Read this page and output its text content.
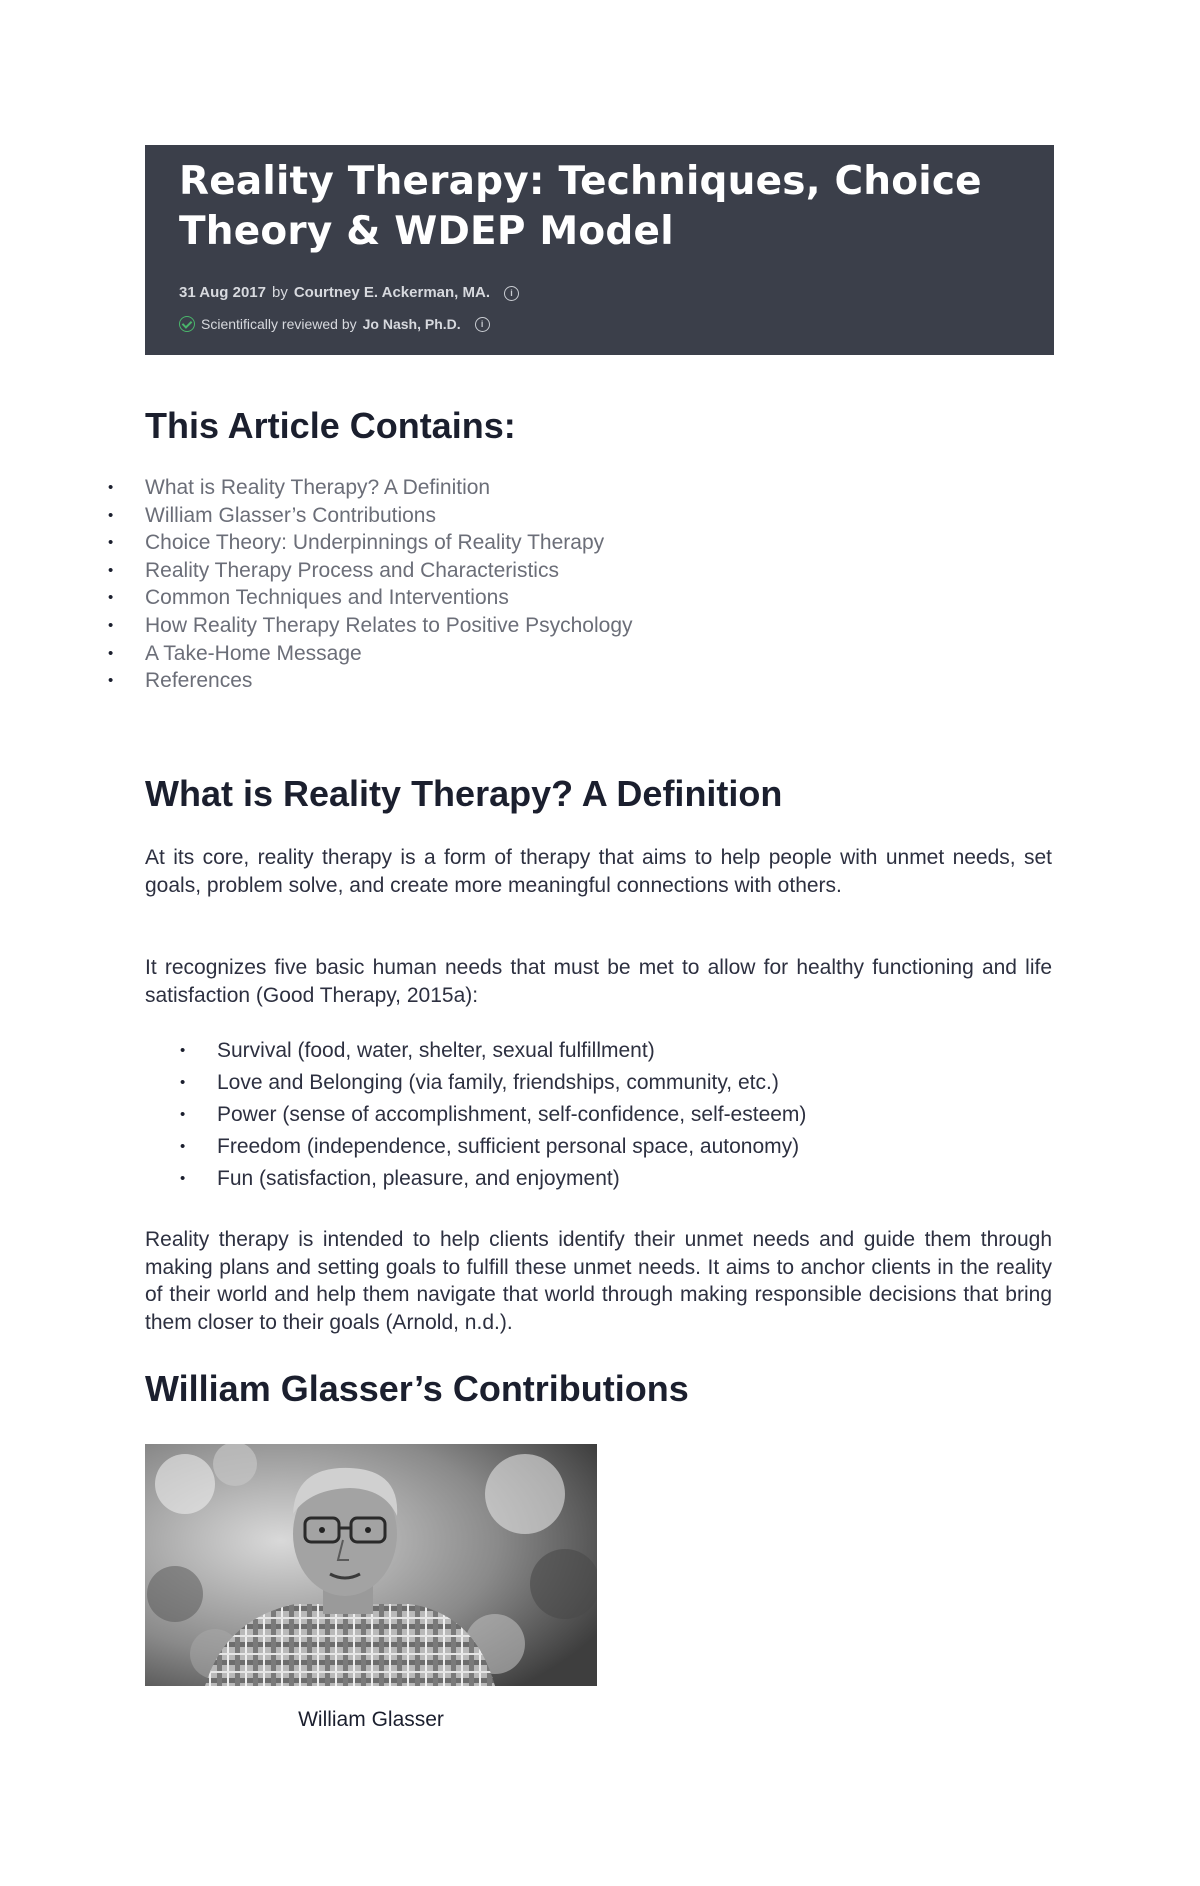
Reality Therapy: Techniques, Choice Theory & WDEP Model
31 Aug 2017 by Courtney E. Ackerman, MA.	i
Scientifically reviewed by Jo Nash, Ph.D.	i
This Article Contains:
•	What is Reality Therapy? A Definition
•	William Glasser’s Contributions
•	Choice Theory: Underpinnings of Reality Therapy
•	Reality Therapy Process and Characteristics
•	Common Techniques and Interventions
•	How Reality Therapy Relates to Positive Psychology
•	A Take-Home Message
•	References
What is Reality Therapy? A Definition

At its core, reality therapy is a form of therapy that aims to help people with unmet needs, set goals, problem solve, and create more meaningful connections with others.

It recognizes five basic human needs that must be met to allow for healthy functioning and life satisfaction (Good Therapy, 2015a):

•	Survival (food, water, shelter, sexual fulfillment)
•	Love and Belonging (via family, friendships, community, etc.)
•	Power (sense of accomplishment, self-confidence, self-esteem)
•	Freedom (independence, sufficient personal space, autonomy)
•	Fun (satisfaction, pleasure, and enjoyment)

Reality therapy is intended to help clients identify their unmet needs and guide them through making plans and setting goals to fulfill these unmet needs. It aims to anchor clients in the reality of their world and help them navigate that world through making responsible decisions that bring them closer to their goals (Arnold, n.d.).

William Glasser’s Contributions
William Glasser
